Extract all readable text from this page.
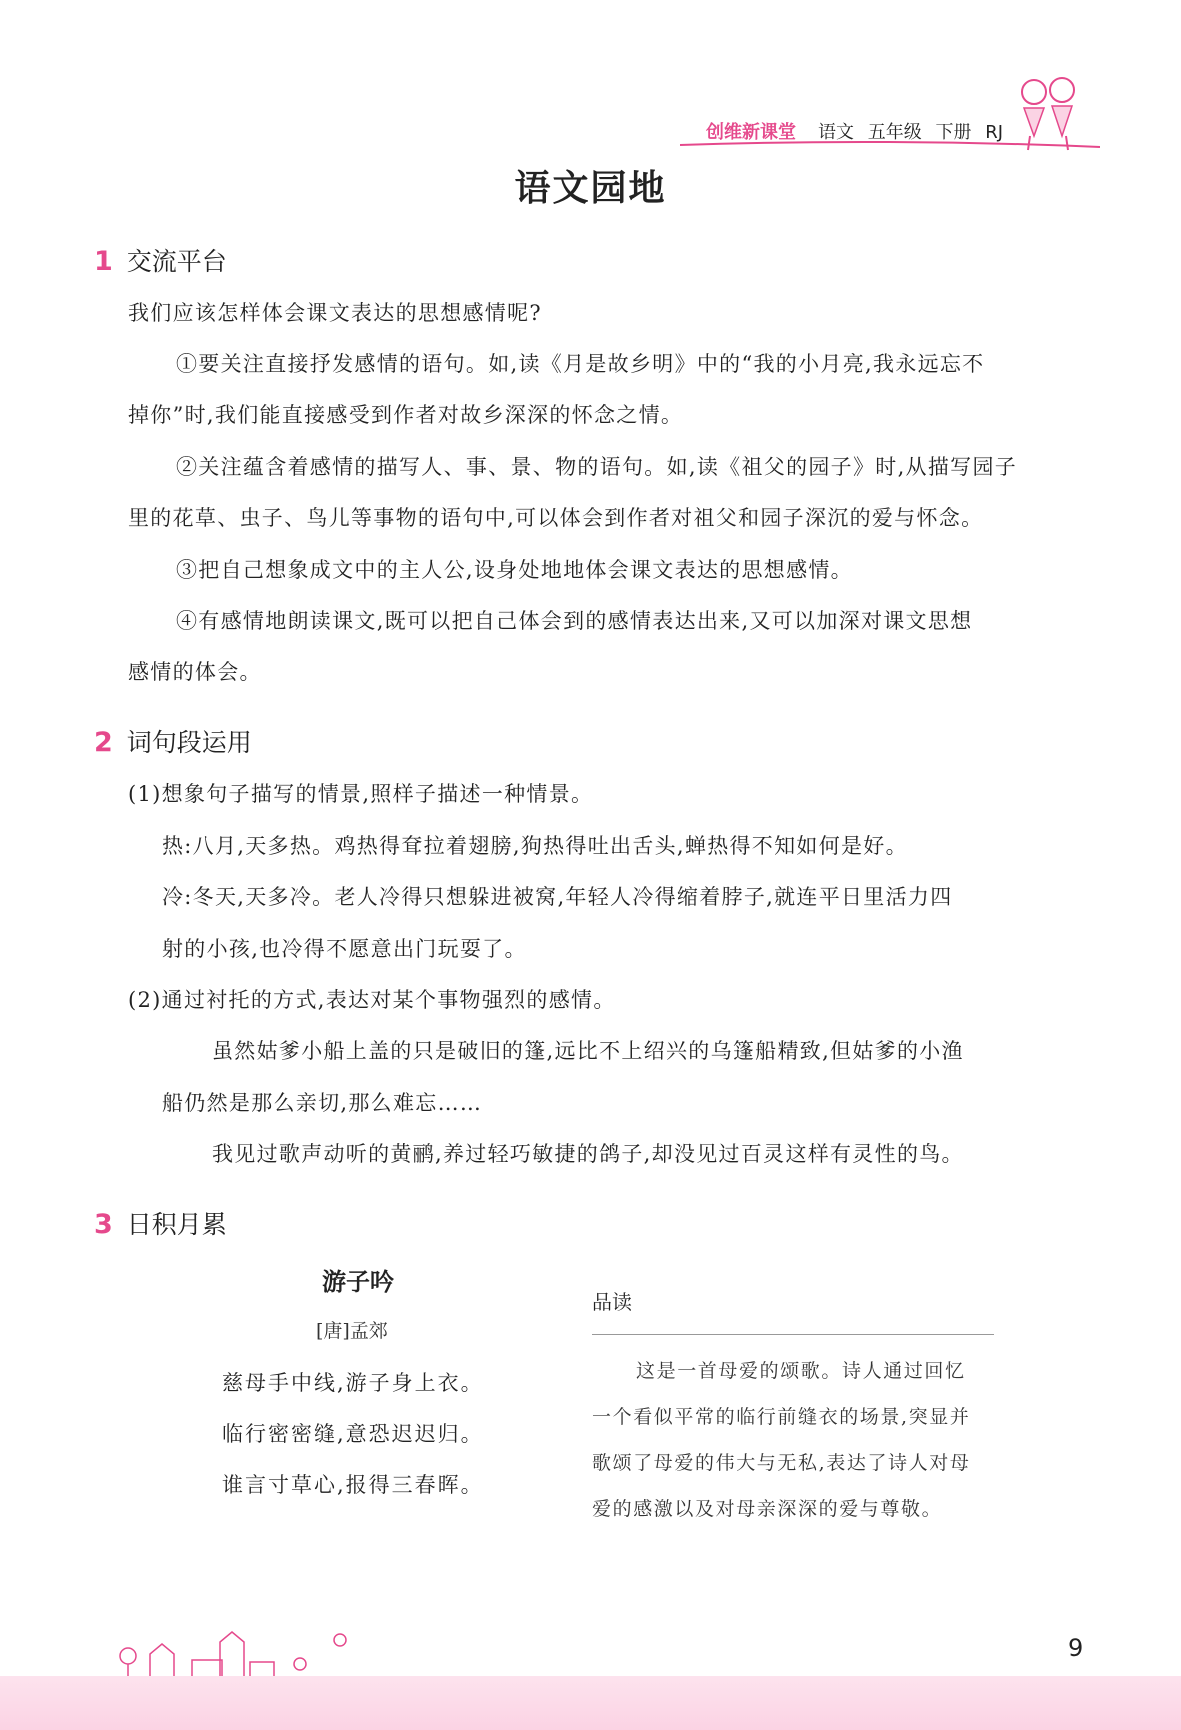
创维新课堂 语文 五年级 下册 RJ
语文园地
1 交流平台
我们应该怎样体会课文表达的思想感情呢?
①要关注直接抒发感情的语句。如,读《月是故乡明》中的“我的小月亮,我永远忘不
掉你”时,我们能直接感受到作者对故乡深深的怀念之情。
②关注蕴含着感情的描写人、事、景、物的语句。如,读《祖父的园子》时,从描写园子
里的花草、虫子、鸟儿等事物的语句中,可以体会到作者对祖父和园子深沉的爱与怀念。
③把自己想象成文中的主人公,设身处地地体会课文表达的思想感情。
④有感情地朗读课文,既可以把自己体会到的感情表达出来,又可以加深对课文思想
感情的体会。
2 词句段运用
(1)想象句子描写的情景,照样子描述一种情景。
热:八月,天多热。鸡热得耷拉着翅膀,狗热得吐出舌头,蝉热得不知如何是好。
冷:冬天,天多冷。老人冷得只想躲进被窝,年轻人冷得缩着脖子,就连平日里活力四
射的小孩,也冷得不愿意出门玩耍了。
(2)通过衬托的方式,表达对某个事物强烈的感情。
虽然姑爹小船上盖的只是破旧的篷,远比不上绍兴的乌篷船精致,但姑爹的小渔
船仍然是那么亲切,那么难忘……
我见过歌声动听的黄鹂,养过轻巧敏捷的鸽子,却没见过百灵这样有灵性的鸟。
3 日积月累
游子吟
[唐]孟郊
慈母手中线,游子身上衣。
临行密密缝,意恐迟迟归。
谁言寸草心,报得三春晖。
品读
这是一首母爱的颂歌。诗人通过回忆
一个看似平常的临行前缝衣的场景,突显并
歌颂了母爱的伟大与无私,表达了诗人对母
爱的感激以及对母亲深深的爱与尊敬。
9
